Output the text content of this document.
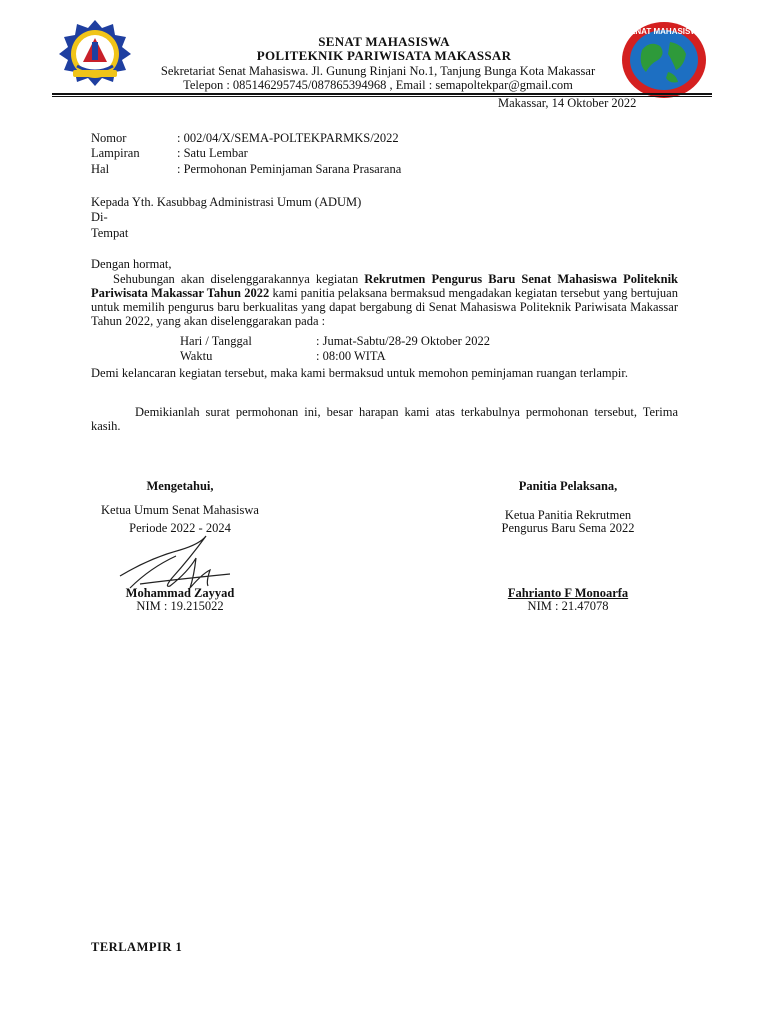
SENAT MAHASISWA
SENAT MAHASISWA
POLITEKNIK PARIWISATA MAKASSAR
Sekretariat Senat Mahasiswa. Jl. Gunung Rinjani No.1, Tanjung Bunga Kota Makassar
Telepon : 085146295745/087865394968 , Email : semapoltekpar@gmail.com
Makassar, 14 Oktober 2022
Nomor	: 002/04/X/SEMA-POLTEKPARMKS/2022
Lampiran	: Satu Lembar
Hal	: Permohonan Peminjaman Sarana Prasarana
Kepada Yth. Kasubbag Administrasi Umum (ADUM)
Di-
Tempat
Dengan hormat,
Sehubungan akan diselenggarakannya kegiatan Rekrutmen Pengurus Baru Senat Mahasiswa Politeknik Pariwisata Makassar Tahun 2022 kami panitia pelaksana bermaksud mengadakan kegiatan tersebut yang bertujuan untuk memilih pengurus baru berkualitas yang dapat bergabung di Senat Mahasiswa Politeknik Pariwisata Makassar Tahun 2022, yang akan diselenggarakan pada :
Hari / Tanggal	: Jumat-Sabtu/28-29 Oktober 2022
Waktu	: 08:00 WITA
Demi kelancaran kegiatan tersebut, maka kami bermaksud untuk memohon peminjaman ruangan terlampir.
Demikianlah surat permohonan ini, besar harapan kami atas terkabulnya permohonan tersebut, Terima kasih.
Mengetahui,
Ketua Umum Senat Mahasiswa
Periode 2022 - 2024
Mohammad Zayyad
NIM : 19.215022
Panitia Pelaksana,
Ketua Panitia Rekrutmen
Pengurus Baru Sema 2022
Fahrianto F Monoarfa
NIM : 21.47078
TERLAMPIR 1
